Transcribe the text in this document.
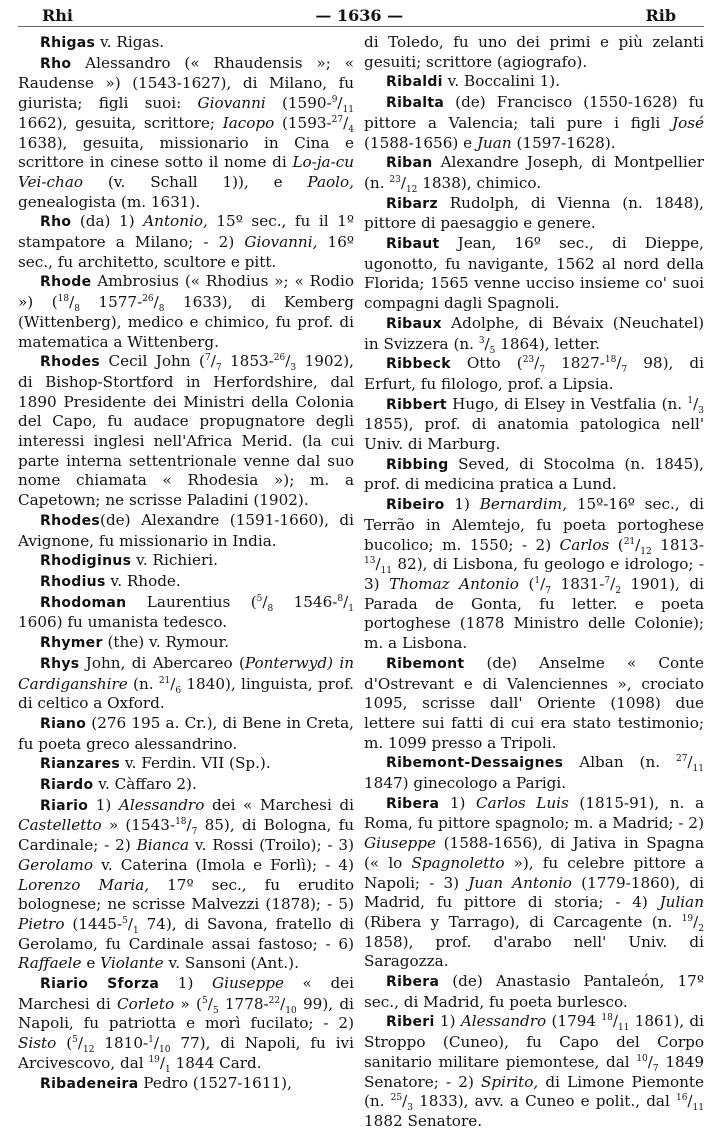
Rhi	— 1636 —	Rib

Rhigas v. Rigas.

Rho Alessandro (« Rhaudensis »; « Raudense ») (1543-1627), di Milano, fu giurista; figli suoi: Giovanni ($1590-^9/_{11}$ 1662), gesuita, scrittore; Iacopo ($1593-^{27}/_4$ 1638), gesuita, missionario in Cina e scrittore in cinese sotto il nome di Lo-ja-cu Vei-chao (v. Schall 1)), e Paolo, genealogista (m. 1631).

Rho (da) 1) Antonio, 15º sec., fu il 1º stampatore a Milano; - 2) Giovanni, 16º sec., fu architetto, scultore e pitt.

Rhode Ambrosius (« Rhodius »; « Rodio ») ($^{18}/_8$ $1577-^{26}/_8$ 1633), di Kemberg (Wittenberg), medico e chimico, fu prof. di matematica a Wittenberg.

Rhodes Cecil John ($^7/_7$ $1853-^{26}/_3$ 1902), di Bishop-Stortford in Herfordshire, dal 1890 Presidente dei Ministri della Colonia del Capo, fu audace propugnatore degli interessi inglesi nell'Africa Merid. (la cui parte interna settentrionale venne dal suo nome chiamata « Rhodesia »); m. a Capetown; ne scrisse Paladini (1902).

Rhodes(de) Alexandre (1591-1660), di Avignone, fu missionario in India.

Rhodiginus v. Richieri.

Rhodius v. Rhode.

Rhodoman Laurentius ($^5/_8$ $1546-^8/_1$ 1606) fu umanista tedesco.

Rhymer (the) v. Rymour.

Rhys John, di Abercareo (Ponterwyd) in Cardiganshire (n. $^{21}/_6$ 1840), linguista, prof. di celtico a Oxford.

Riano (276 195 a. Cr.), di Bene in Creta, fu poeta greco alessandrino.

Rianzares v. Ferdin. VII (Sp.).

Riardo v. Càffaro 2).

Riario 1) Alessandro dei « Marchesi di Castelletto » ($1543-^{18}/_7$ 85), di Bologna, fu Cardinale; - 2) Bianca v. Rossi (Troilo); - 3) Gerolamo v. Caterina (Imola e Forlì); - 4) Lorenzo Maria, 17º sec., fu erudito bolognese; ne scrisse Malvezzi (1878); - 5) Pietro ($1445-^5/_1$ 74), di Savona, fratello di Gerolamo, fu Cardinale assai fastoso; - 6) Raffaele e Violante v. Sansoni (Ant.).

Riario Sforza 1) Giuseppe « dei Marchesi di Corleto » ($^5/_5$ $1778-^{22}/_{10}$ 99), di Napoli, fu patriotta e morì fucilato; - 2) Sisto ($^5/_{12}$ $1810-^1/_{10}$ 77), di Napoli, fu ivi Arcivescovo, dal $^{19}/_1$ 1844 Card.

Ribadeneira Pedro (1527-1611),

di Toledo, fu uno dei primi e più zelanti gesuiti; scrittore (agiografo).

Ribaldi v. Boccalini 1).

Ribalta (de) Francisco (1550-1628) fu pittore a Valencia; tali pure i figli José (1588-1656) e Juan (1597-1628).

Riban Alexandre Joseph, di Montpellier (n. $^{23}/_{12}$ 1838), chimico.

Ribarz Rudolph, di Vienna (n. 1848), pittore di paesaggio e genere.

Ribaut Jean, 16º sec., di Dieppe, ugonotto, fu navigante, 1562 al nord della Florida; 1565 venne ucciso insieme co' suoi compagni dagli Spagnoli.

Ribaux Adolphe, di Bévaix (Neuchatel) in Svizzera (n. $^3/_5$ 1864), letter.

Ribbeck Otto ($^{23}/_7$ $1827-^{18}/_7$ 98), di Erfurt, fu filologo, prof. a Lipsia.

Ribbert Hugo, di Elsey in Vestfalia (n. $^1/_3$ 1855), prof. di anatomia patologica nell' Univ. di Marburg.

Ribbing Seved, di Stocolma (n. 1845), prof. di medicina pratica a Lund.

Ribeiro 1) Bernardim, 15º-16º sec., di Terrão in Alemtejo, fu poeta portoghese bucolico; m. 1550; - 2) Carlos ($^{21}/_{12}$ $1813-^{13}/_{11}$ 82), di Lisbona, fu geologo e idrologo; - 3) Thomaz Antonio ($^1/_7$ $1831-^7/_2$ 1901), di Parada de Gonta, fu letter. e poeta portoghese (1878 Ministro delle Colonie); m. a Lisbona.

Ribemont (de) Anselme « Conte d'Ostrevant e di Valenciennes », crociato 1095, scrisse dall' Oriente (1098) due lettere sui fatti di cui era stato testimonio; m. 1099 presso a Tripoli.

Ribemont-Dessaignes Alban (n. $^{27}/_{11}$ 1847) ginecologo a Parigi.

Ribera 1) Carlos Luis (1815-91), n. a Roma, fu pittore spagnolo; m. a Madrid; - 2) Giuseppe (1588-1656), di Jativa in Spagna (« lo Spagnoletto »), fu celebre pittore a Napoli; - 3) Juan Antonio (1779-1860), di Madrid, fu pittore di storia; - 4) Julian (Ribera y Tarrago), di Carcagente (n. $^{19}/_2$ 1858), prof. d'arabo nell' Univ. di Saragozza.

Ribera (de) Anastasio Pantaleón, 17º sec., di Madrid, fu poeta burlesco.

Riberi 1) Alessandro (1794 $^{18}/_{11}$ 1861), di Stroppo (Cuneo), fu Capo del Corpo sanitario militare piemontese, dal $^{10}/_7$ 1849 Senatore; - 2) Spirito, di Limone Piemonte (n. $^{25}/_3$ 1833), avv. a Cuneo e polit., dal $^{16}/_{11}$ 1882 Senatore.
